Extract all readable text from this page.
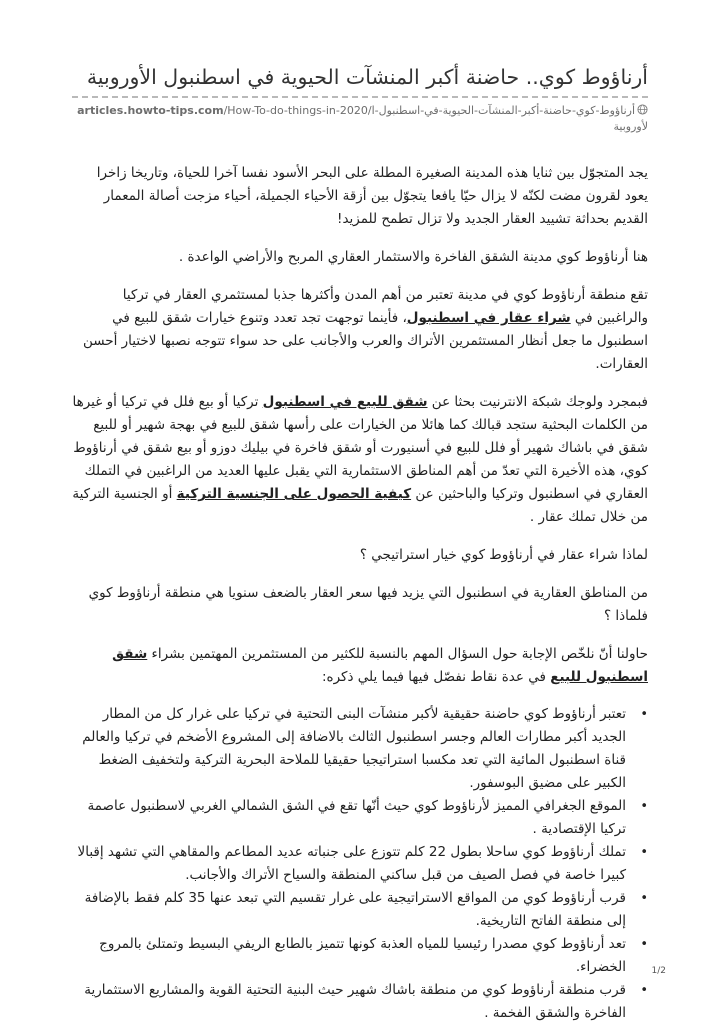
أرناؤوط كوي.. حاضنة أكبر المنشآت الحيوية في اسطنبول الأوروبية
articles.howto-tips.com/How-To-do-things-in-2020/أرناؤوط-كوي-حاضنة-أكبر-المنشآت-الحيوية-في-اسطنبول-الأوروبية

يجد المتجوّل بين ثنايا هذه المدينة الصغيرة المطلة على البحر الأسود نفسا آخرا للحياة، وتاريخا زاخرا يعود لقرون مضت لكنّه لا يزال حيّا يافعا يتجوّل بين أزقة الأحياء الجميلة، أحياء مزجت أصالة المعمار القديم بحداثة تشييد العقار الجديد ولا تزال تطمح للمزيد!

هنا أرناؤوط كوي مدينة الشقق الفاخرة والاستثمار العقاري المربح والأراضي الواعدة .

تقع منطقة أرناؤوط كوي في مدينة تعتبر من أهم المدن وأكثرها جذبا لمستثمري العقار في تركيا والراغبين في شراء عقار في اسطنبول، فأينما توجهت تجد تعدد وتنوع خيارات شقق للبيع في اسطنبول ما جعل أنظار المستثمرين الأتراك والعرب والأجانب على حد سواء تتوجه نصبها لاختيار أحسن العقارات.

فبمجرد ولوجك شبكة الانترنيت بحثا عن شقق للبيع في اسطنبول تركيا أو بيع فلل في تركيا أو غيرها من الكلمات البحثية ستجد قبالك كما هائلا من الخيارات على رأسها شقق للبيع في بهجة شهير أو للبيع شقق في باشاك شهير أو فلل للبيع في أسنيورت أو شقق فاخرة في بيليك دوزو أو بيع شقق في أرناؤوط كوي، هذه الأخيرة التي تعدّ من أهم المناطق الاستثمارية التي يقبل عليها العديد من الراغبين في التملك العقاري في اسطنبول وتركيا والباحثين عن كيفية الحصول على الجنسية التركية أو الجنسية التركية من خلال تملك عقار .

لماذا شراء عقار في أرناؤوط كوي خيار استراتيجي ؟

من المناطق العقارية في اسطنبول التي يزيد فيها سعر العقار بالضعف سنويا هي منطقة أرناؤوط كوي فلماذا ؟

حاولنا أنّ نلخّص الإجابة حول السؤال المهم بالنسبة للكثير من المستثمرين المهتمين بشراء شقق اسطنبول للبيع في عدة نقاط نفصّل فيها فيما يلي ذكره:

• تعتبر أرناؤوط كوي حاضنة حقيقية لأكبر منشآت البنى التحتية في تركيا على غرار كل من المطار الجديد أكبر مطارات العالم وجسر اسطنبول الثالث بالاضافة إلى المشروع الأضخم في تركيا والعالم قناة اسطنبول المائية التي تعد مكسبا استراتيجيا حقيقيا للملاحة البحرية التركية ولتخفيف الضغط الكبير على مضيق البوسفور.
• الموقع الجغرافي المميز لأرناؤوط كوي حيث أنّها تقع في الشق الشمالي الغربي لاسطنبول عاصمة تركيا الإقتصادية .
• تملك أرناؤوط كوي ساحلا بطول 22 كلم تتوزع على جنباته عديد المطاعم والمقاهي التي تشهد إقبالا كبيرا خاصة في فصل الصيف من قبل ساكني المنطقة والسياح الأتراك والأجانب.
• قرب أرناؤوط كوي من المواقع الاستراتيجية على غرار تقسيم التي تبعد عنها 35 كلم فقط بالإضافة إلى منطقة الفاتح التاريخية.
• تعد أرناؤوط كوي مصدرا رئيسيا للمياه العذبة كونها تتميز بالطابع الريفي البسيط وتمتلئ بالمروج الخضراء.
• قرب منطقة أرناؤوط كوي من منطقة باشاك شهير حيث البنية التحتية القوية والمشاريع الاستثمارية الفاخرة والشقق الفخمة .
1/2
